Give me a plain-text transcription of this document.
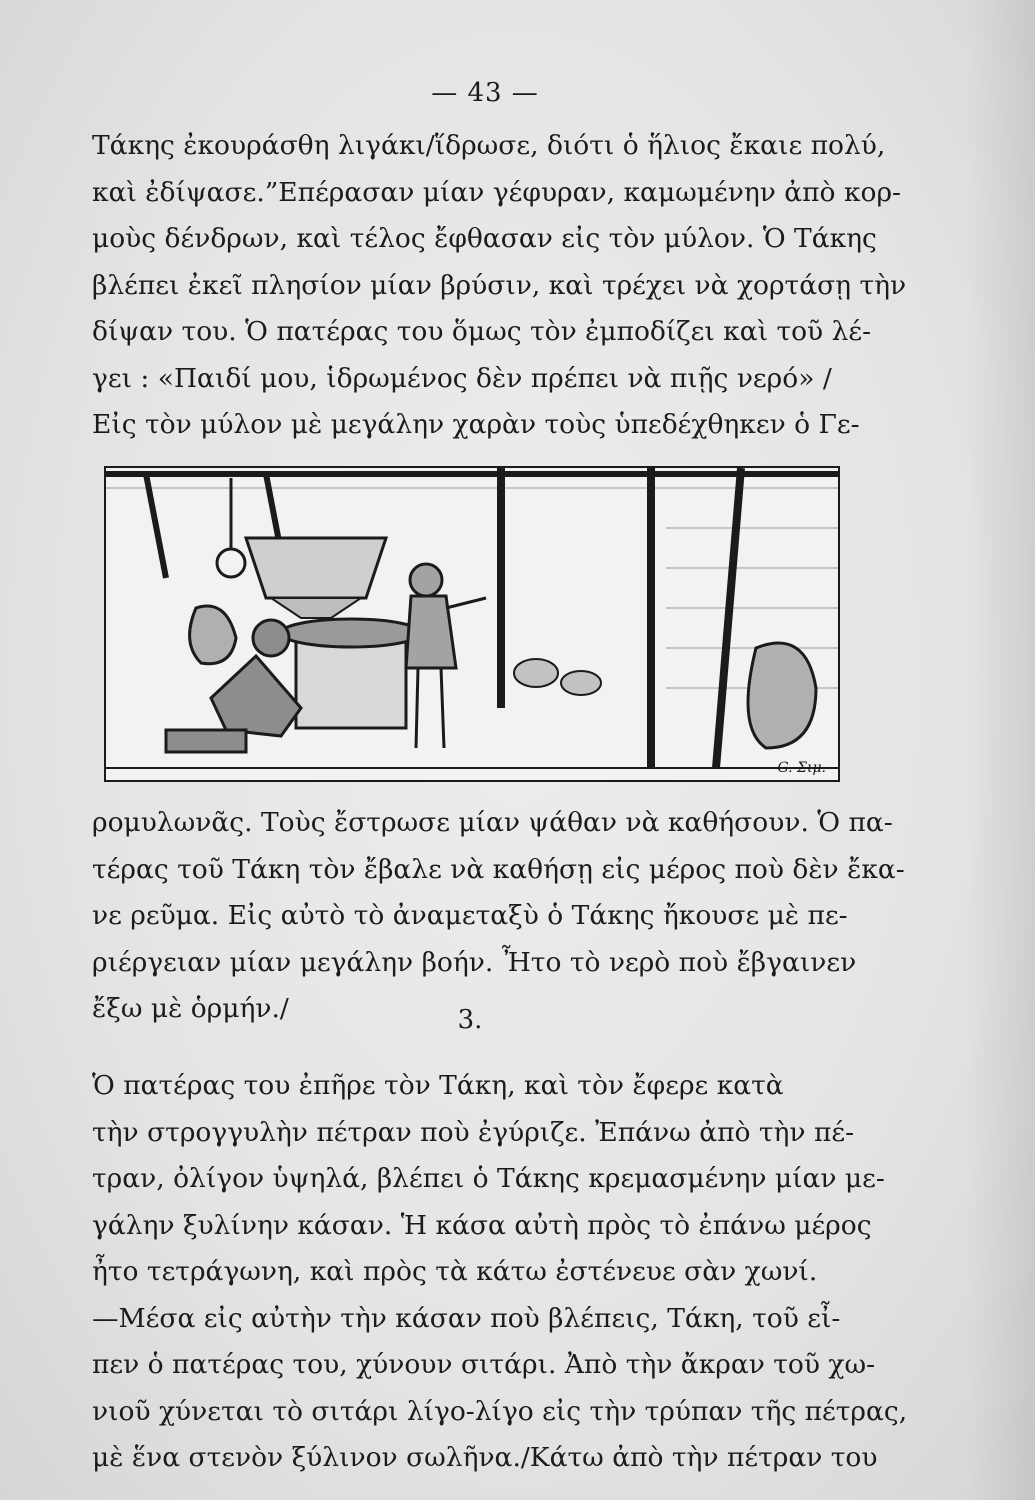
— 43 —
Τάκης ἐκουράσθη λιγάκι/ἵδρωσε, διότι ὁ ἥλιος ἔκαιε πολύ,
καὶ ἐδίψασε.”Επέρασαν μίαν γέφυραν, καμωμένην ἀπὸ κορ-
μοὺς δένδρων, καὶ τέλος ἔφθασαν εἰς τὸν μύλον. Ὁ Τάκης
βλέπει ἐκεῖ πλησίον μίαν βρύσιν, καὶ τρέχει νὰ χορτάσῃ τὴν
δίψαν του. Ὁ πατέρας του ὅμως τὸν ἐμποδίζει καὶ τοῦ λέ-
γει : «Παιδί μου, ἱδρωμένος δὲν πρέπει νὰ πιῇς νερό» /
Εἰς τὸν μύλον μὲ μεγάλην χαρὰν τοὺς ὑπεδέχθηκεν ὁ Γε-
G. Σιμ.
ρομυλωνᾶς. Τοὺς ἔστρωσε μίαν ψάθαν νὰ καθήσουν. Ὁ πα-
τέρας τοῦ Τάκη τὸν ἔβαλε νὰ καθήσῃ εἰς μέρος ποὺ δὲν ἔκα-
νε ρεῦμα. Εἰς αὐτὸ τὸ ἀναμεταξὺ ὁ Τάκης ἤκουσε μὲ πε-
ριέργειαν μίαν μεγάλην βοήν. Ἦτο τὸ νερὸ ποὺ ἔβγαινεν
ἔξω μὲ ὁρμήν./	3.
Ὁ πατέρας του ἐπῆρε τὸν Τάκη, καὶ τὸν ἔφερε κατὰ
τὴν στρογγυλὴν πέτραν ποὺ ἐγύριζε. Ἐπάνω ἀπὸ τὴν πέ-
τραν, ὀλίγον ὑψηλά, βλέπει ὁ Τάκης κρεμασμένην μίαν με-
γάλην ξυλίνην κάσαν. Ἡ κάσα αὐτὴ πρὸς τὸ ἐπάνω μέρος
ἦτο τετράγωνη, καὶ πρὸς τὰ κάτω ἐστένευε σὰν χωνί.
—Μέσα εἰς αὐτὴν τὴν κάσαν ποὺ βλέπεις, Τάκη, τοῦ εἶ-
πεν ὁ πατέρας του, χύνουν σιτάρι. Ἀπὸ τὴν ἄκραν τοῦ χω-
νιοῦ χύνεται τὸ σιτάρι λίγο-λίγο εἰς τὴν τρύπαν τῆς πέτρας,
μὲ ἕνα στενὸν ξύλινον σωλῆνα./Κάτω ἀπὸ τὴν πέτραν του
